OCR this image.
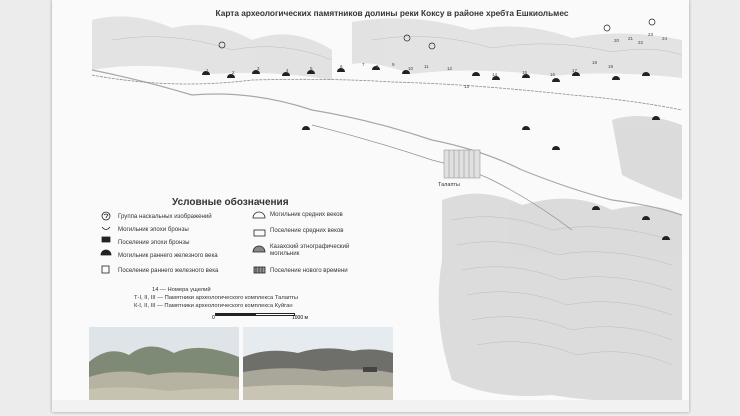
Карта археологических памятников долины реки Коксу в районе хребта Ешкиольмес
Талапты
1	2
3	4	5	6	7	8	9
10 11	12
13
14	15	16
17
18
19
20 21
22
23
24
Условные обозначения
Группа наскальных изображений
Могильник эпохи бронзы
Поселение эпохи бронзы
Могильник раннего железного века
Поселение раннего железного века
Могильник средних веков
Поселение средних веков
Казахский этнографический могильник
Поселение нового времени
14 — Номера ущелий
Т-I, II, III — Памятники археологического комплекса Талапты
К-I, II, III — Памятники археологического комплекса Куйган
0	1000 м
